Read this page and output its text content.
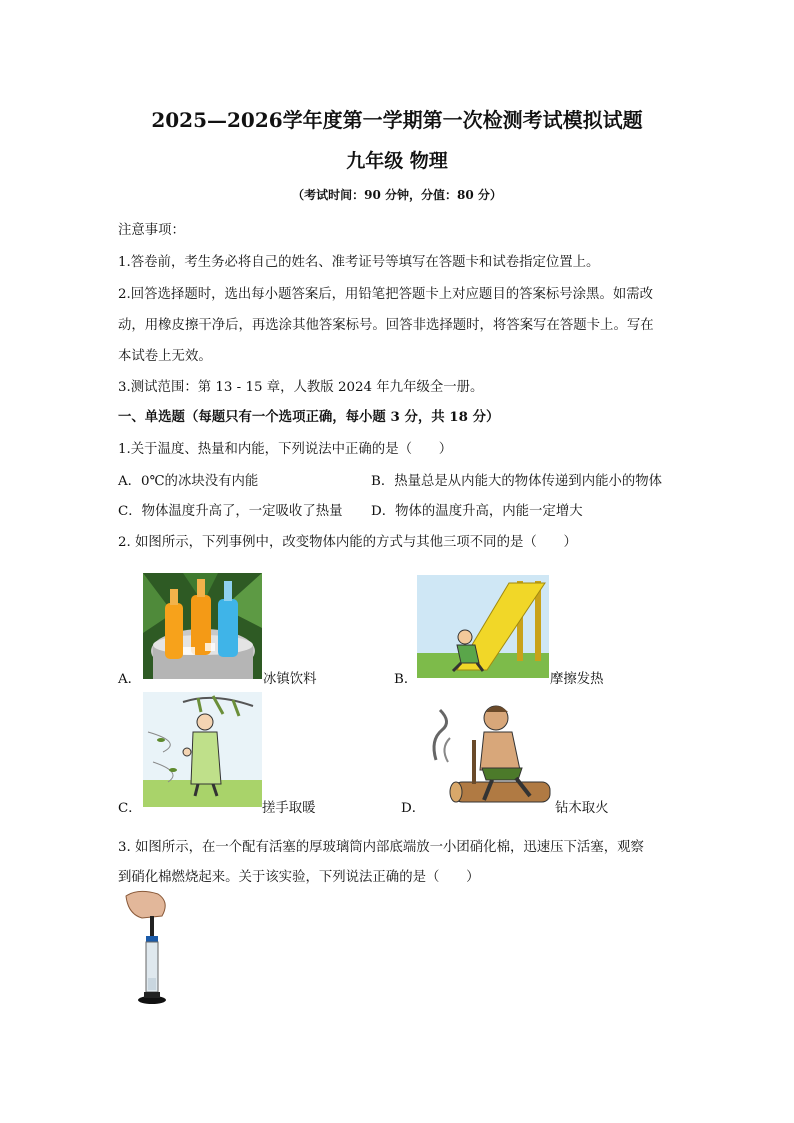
2025—2026学年度第一学期第一次检测考试模拟试题
九年级 物理
（考试时间：90 分钟，分值：80 分）
注意事项：
1.答卷前，考生务必将自己的姓名、准考证号等填写在答题卡和试卷指定位置上。
2.回答选择题时，选出每小题答案后，用铅笔把答题卡上对应题目的答案标号涂黑。如需改
动，用橡皮擦干净后，再选涂其他答案标号。回答非选择题时，将答案写在答题卡上。写在
本试卷上无效。
3.测试范围：第 13 - 15 章，人教版 2024 年九年级全一册。
一、单选题（每题只有一个选项正确，每小题 3 分，共 18 分）
1.关于温度、热量和内能，下列说法中正确的是（　　）
A．0℃的冰块没有内能	B．热量总是从内能大的物体传递到内能小的物体
C．物体温度升高了，一定吸收了热量 D．物体的温度升高，内能一定增大
2. 如图所示，下列事例中，改变物体内能的方式与其他三项不同的是（　　）
A．	冰镇饮料	B．	摩擦发热
C．	搓手取暖	D．	钻木取火
3. 如图所示，在一个配有活塞的厚玻璃筒内部底端放一小团硝化棉，迅速压下活塞，观察
到硝化棉燃烧起来。关于该实验，下列说法正确的是（　　）
